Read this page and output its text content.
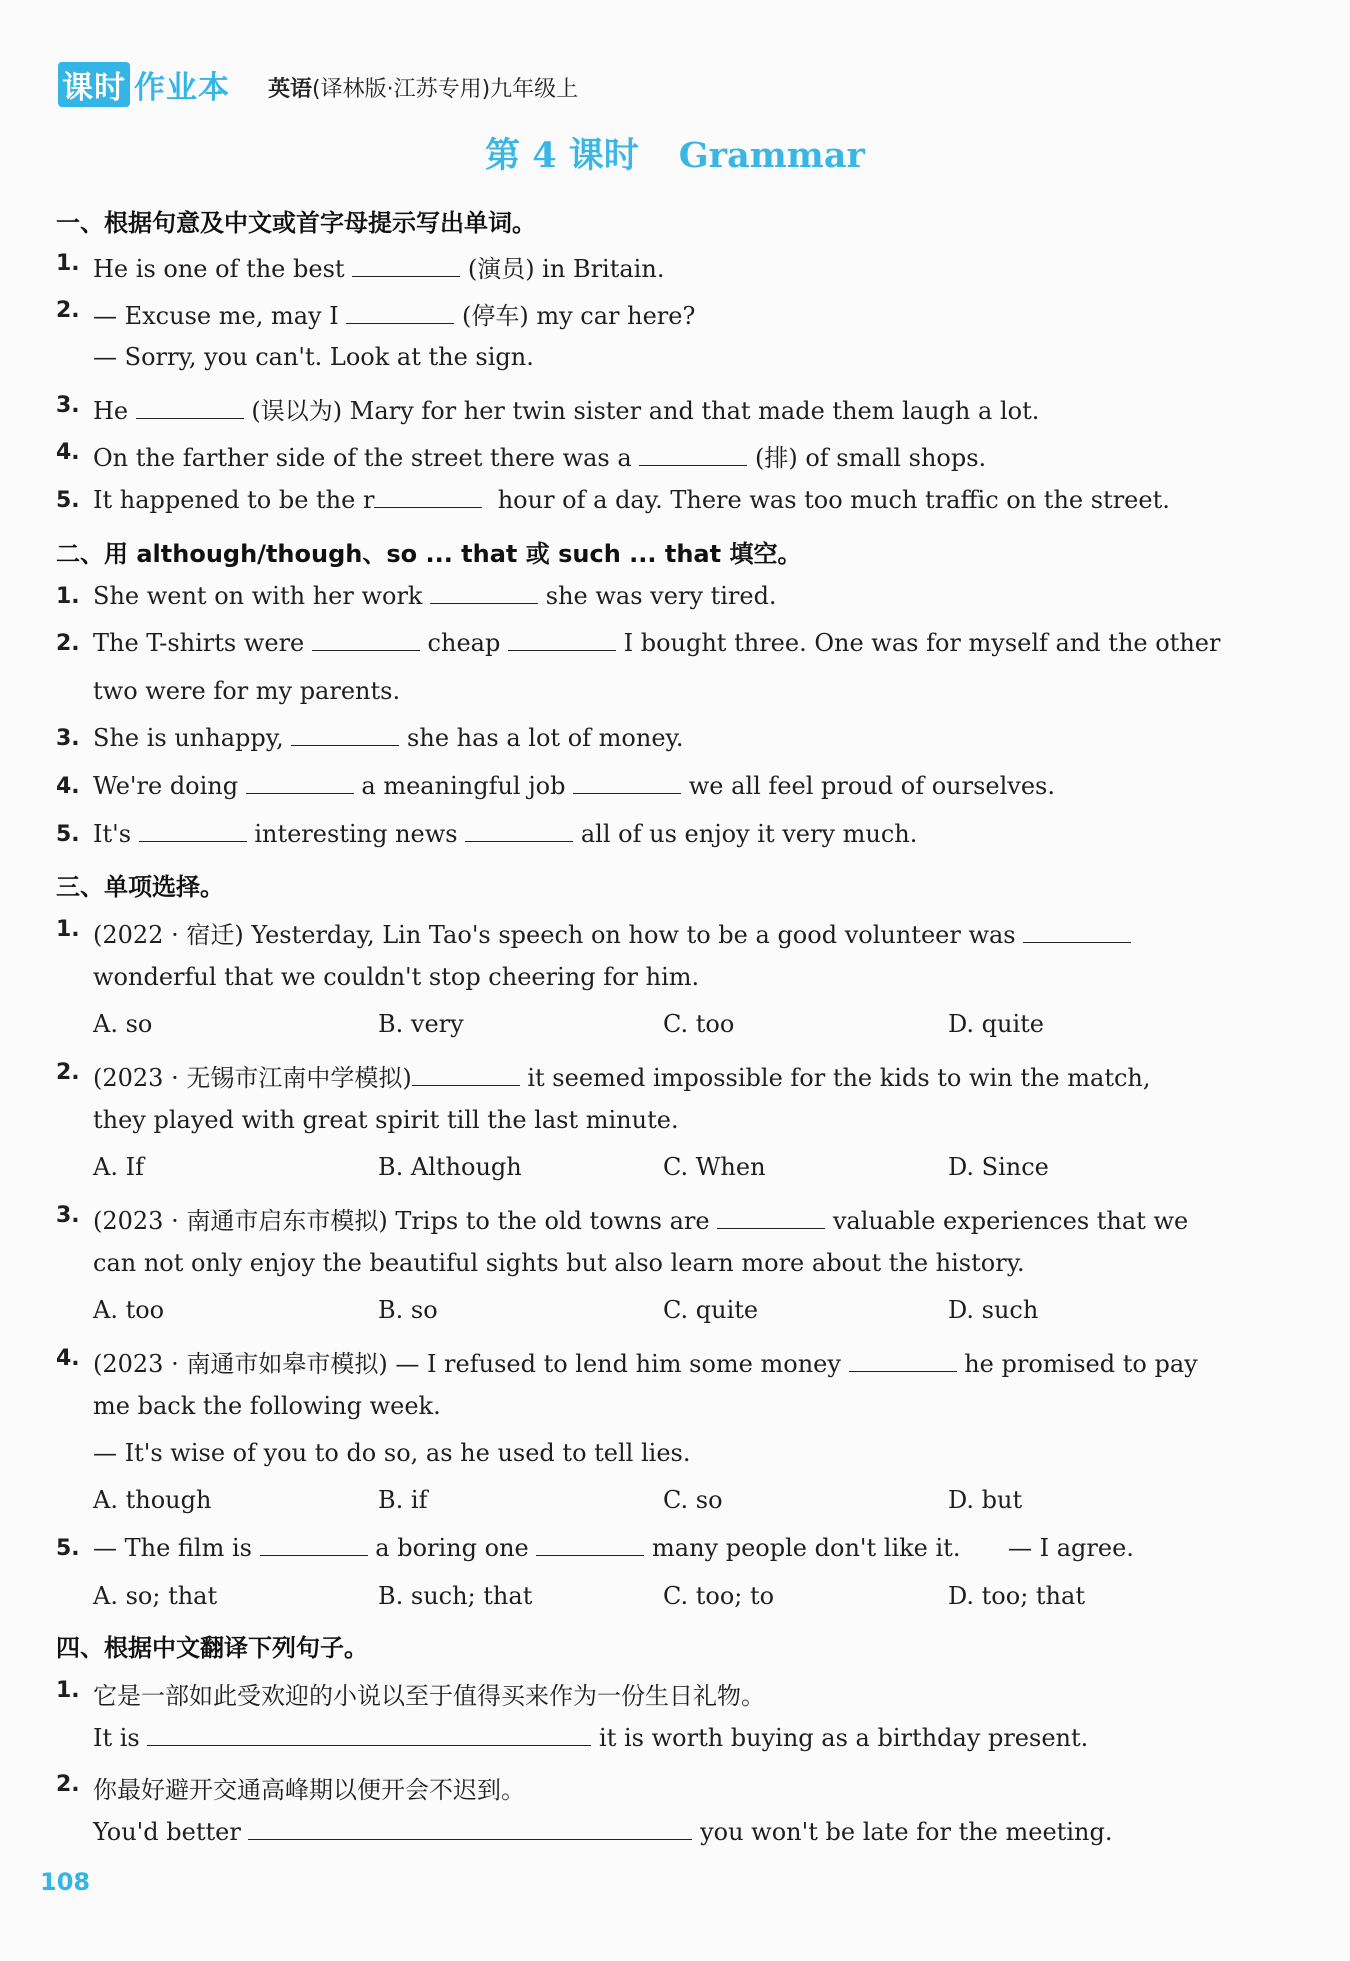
课时 作业本 英语(译林版·江苏专用)九年级上
第 4 课时 Grammar
一、根据句意及中文或首字母提示写出单词。
1. He is one of the best	(演员) in Britain.
2. — Excuse me, may I	(停车) my car here?
— Sorry, you can't. Look at the sign.
3. He	(误以为) Mary for her twin sister and that made them laugh a lot.
4. On the farther side of the street there was a	(排) of small shops.
5. It happened to be the r	hour of a day. There was too much traffic on the street.
二、用 although/though、so ... that 或 such ... that 填空。
1. She went on with her work	she was very tired.
2. The T-shirts were	cheap	I bought three. One was for myself and the other
two were for my parents.
3. She is unhappy,	she has a lot of money.
4. We're doing	a meaningful job	we all feel proud of ourselves.
5. It's	interesting news	all of us enjoy it very much.
三、单项选择。
1. (2022 · 宿迁) Yesterday, Lin Tao's speech on how to be a good volunteer was
wonderful that we couldn't stop cheering for him.
A. so	B. very	C. too	D. quite
2. (2023 · 无锡市江南中学模拟)	it seemed impossible for the kids to win the match,
they played with great spirit till the last minute.
A. If	B. Although	C. When	D. Since
3. (2023 · 南通市启东市模拟) Trips to the old towns are	valuable experiences that we
can not only enjoy the beautiful sights but also learn more about the history.
A. too	B. so	C. quite	D. such
4. (2023 · 南通市如皋市模拟) — I refused to lend him some money	he promised to pay
me back the following week.
— It's wise of you to do so, as he used to tell lies.
A. though	B. if	C. so	D. but
5. — The film is	a boring one	many people don't like it. — I agree.
A. so; that	B. such; that	C. too; to	D. too; that
四、根据中文翻译下列句子。
1. 它是一部如此受欢迎的小说以至于值得买来作为一份生日礼物。
It is	it is worth buying as a birthday present.
2. 你最好避开交通高峰期以便开会不迟到。
You'd better	you won't be late for the meeting.
108
